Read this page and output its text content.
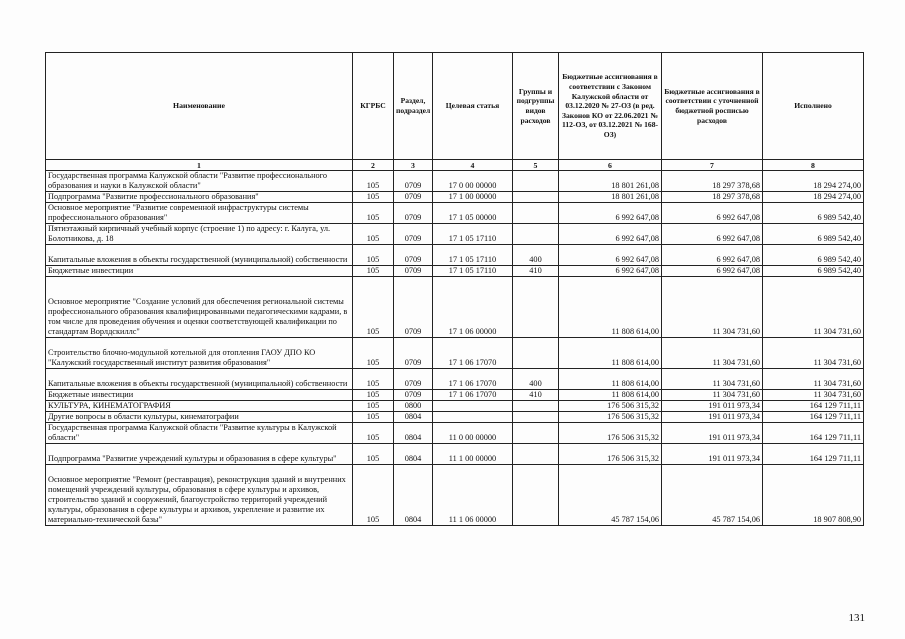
Наименование	КГРБС	Раздел, подраздел	Целевая статья	Группы и подгруппы видов расходов	Бюджетные ассигнования в соответствии с Законом Калужской области от 03.12.2020 № 27-ОЗ (в ред. Законов КО от 22.06.2021 № 112-ОЗ, от 03.12.2021 № 168-ОЗ)	Бюджетные ассигнования в соответствии с уточненной бюджетной росписью расходов	Исполнено
1	2	3	4	5	6	7	8
Государственная программа Калужской области "Развитие профессионального образования и науки в Калужской области"	105	0709	17 0 00 00000		18 801 261,08	18 297 378,68	18 294 274,00
Подпрограмма "Развитие профессионального образования"	105	0709	17 1 00 00000		18 801 261,08	18 297 378,68	18 294 274,00
Основное мероприятие "Развитие современной инфраструктуры системы профессионального образования"	105	0709	17 1 05 00000		6 992 647,08	6 992 647,08	6 989 542,40
Пятиэтажный кирпичный учебный корпус (строение 1) по адресу: г. Калуга, ул. Болотникова, д. 18	105	0709	17 1 05 17110		6 992 647,08	6 992 647,08	6 989 542,40
Капитальные вложения в объекты государственной (муниципальной) собственности	105	0709	17 1 05 17110	400	6 992 647,08	6 992 647,08	6 989 542,40
Бюджетные инвестиции	105	0709	17 1 05 17110	410	6 992 647,08	6 992 647,08	6 989 542,40
Основное мероприятие "Создание условий для обеспечения региональной системы профессионального образования квалифицированными педагогическими кадрами, в том числе для проведения обучения и оценки соответствующей квалификации по стандартам Ворлдскиллс"	105	0709	17 1 06 00000		11 808 614,00	11 304 731,60	11 304 731,60
Строительство блочно-модульной котельной для отопления ГАОУ ДПО КО "Калужский государственный институт развития образования"	105	0709	17 1 06 17070		11 808 614,00	11 304 731,60	11 304 731,60
Капитальные вложения в объекты государственной (муниципальной) собственности	105	0709	17 1 06 17070	400	11 808 614,00	11 304 731,60	11 304 731,60
Бюджетные инвестиции	105	0709	17 1 06 17070	410	11 808 614,00	11 304 731,60	11 304 731,60
КУЛЬТУРА, КИНЕМАТОГРАФИЯ	105	0800			176 506 315,32	191 011 973,34	164 129 711,11
Другие вопросы в области культуры, кинематографии	105	0804			176 506 315,32	191 011 973,34	164 129 711,11
Государственная программа Калужской области "Развитие культуры в Калужской области"	105	0804	11 0 00 00000		176 506 315,32	191 011 973,34	164 129 711,11
Подпрограмма "Развитие учреждений культуры и образования в сфере культуры"	105	0804	11 1 00 00000		176 506 315,32	191 011 973,34	164 129 711,11
Основное мероприятие "Ремонт (реставрация), реконструкция зданий и внутренних помещений учреждений культуры, образования в сфере культуры и архивов, строительство зданий и сооружений, благоустройство территорий учреждений культуры, образования в сфере культуры и архивов, укрепление и развитие их материально-технической базы"	105	0804	11 1 06 00000		45 787 154,06	45 787 154,06	18 907 808,90
131
